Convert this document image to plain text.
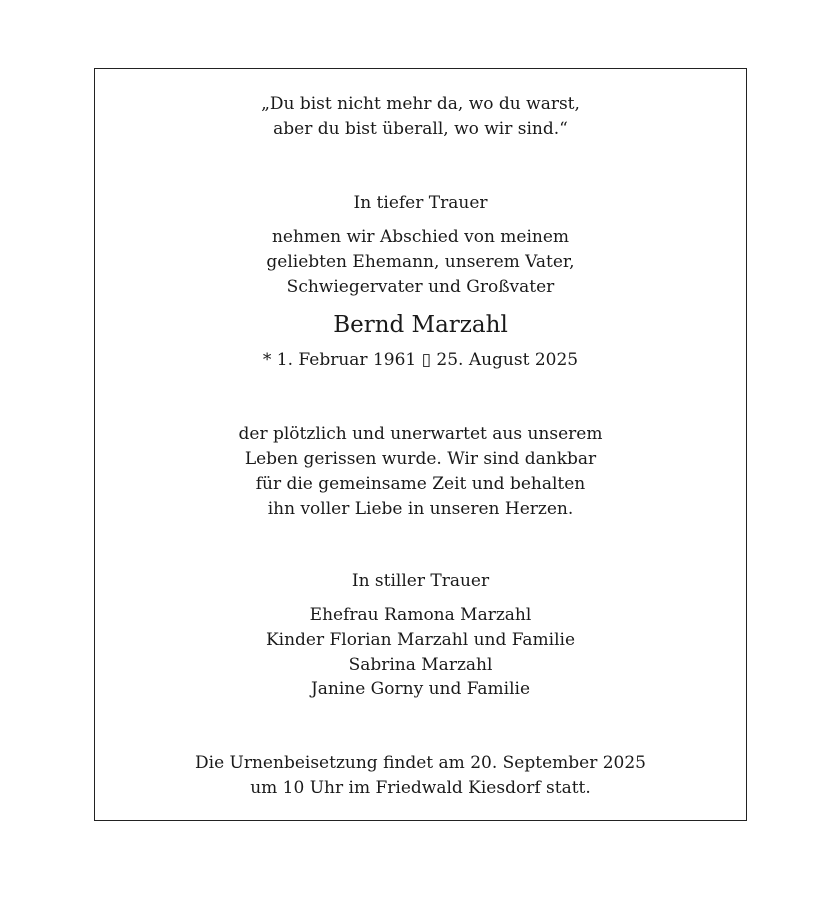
„Du bist nicht mehr da, wo du warst,
aber du bist überall, wo wir sind.“
In tiefer Trauer
nehmen wir Abschied von meinem
geliebten Ehemann, unserem Vater,
Schwiegervater und Großvater
Bernd Marzahl
* 1. Februar 1961 ▯ 25. August 2025
der plötzlich und unerwartet aus unserem
Leben gerissen wurde. Wir sind dankbar
für die gemeinsame Zeit und behalten
ihn voller Liebe in unseren Herzen.
In stiller Trauer
Ehefrau Ramona Marzahl
Kinder Florian Marzahl und Familie
Sabrina Marzahl
Janine Gorny und Familie
Die Urnenbeisetzung findet am 20. September 2025
um 10 Uhr im Friedwald Kiesdorf statt.
